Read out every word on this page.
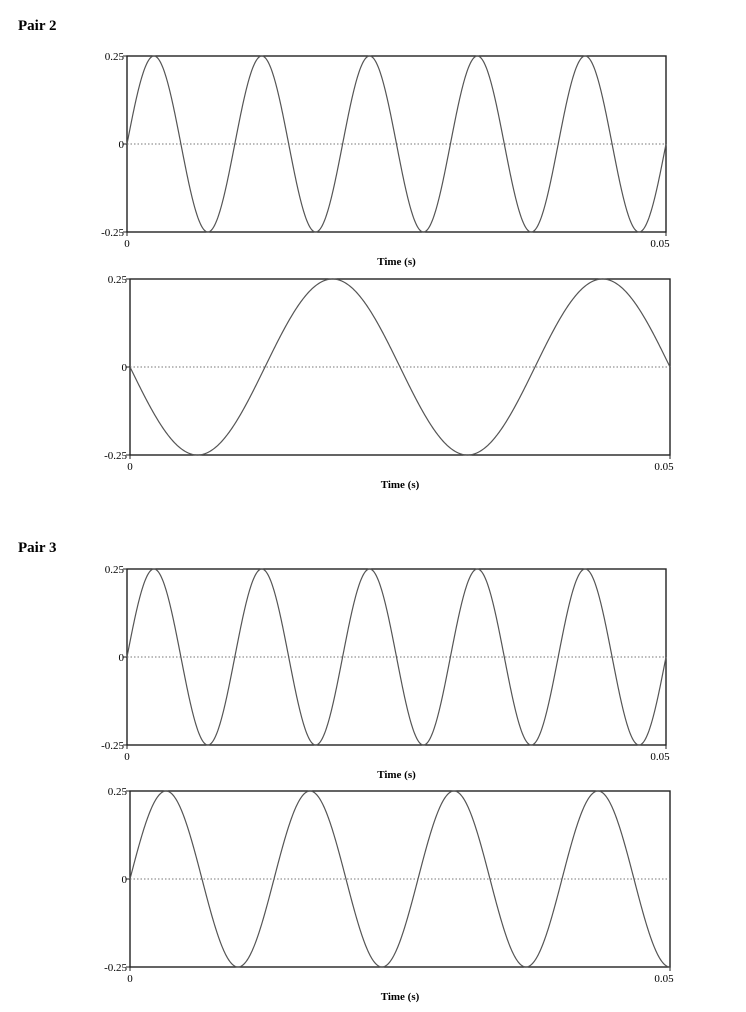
Pair 2
Pair 3
0.25
0
-0.25
0	0.05
Time (s)
0.25
0
-0.25
0	0.05
Time (s)
0.25
0
-0.25
0	0.05
Time (s)
0.25
0
-0.25
0	0.05
Time (s)
